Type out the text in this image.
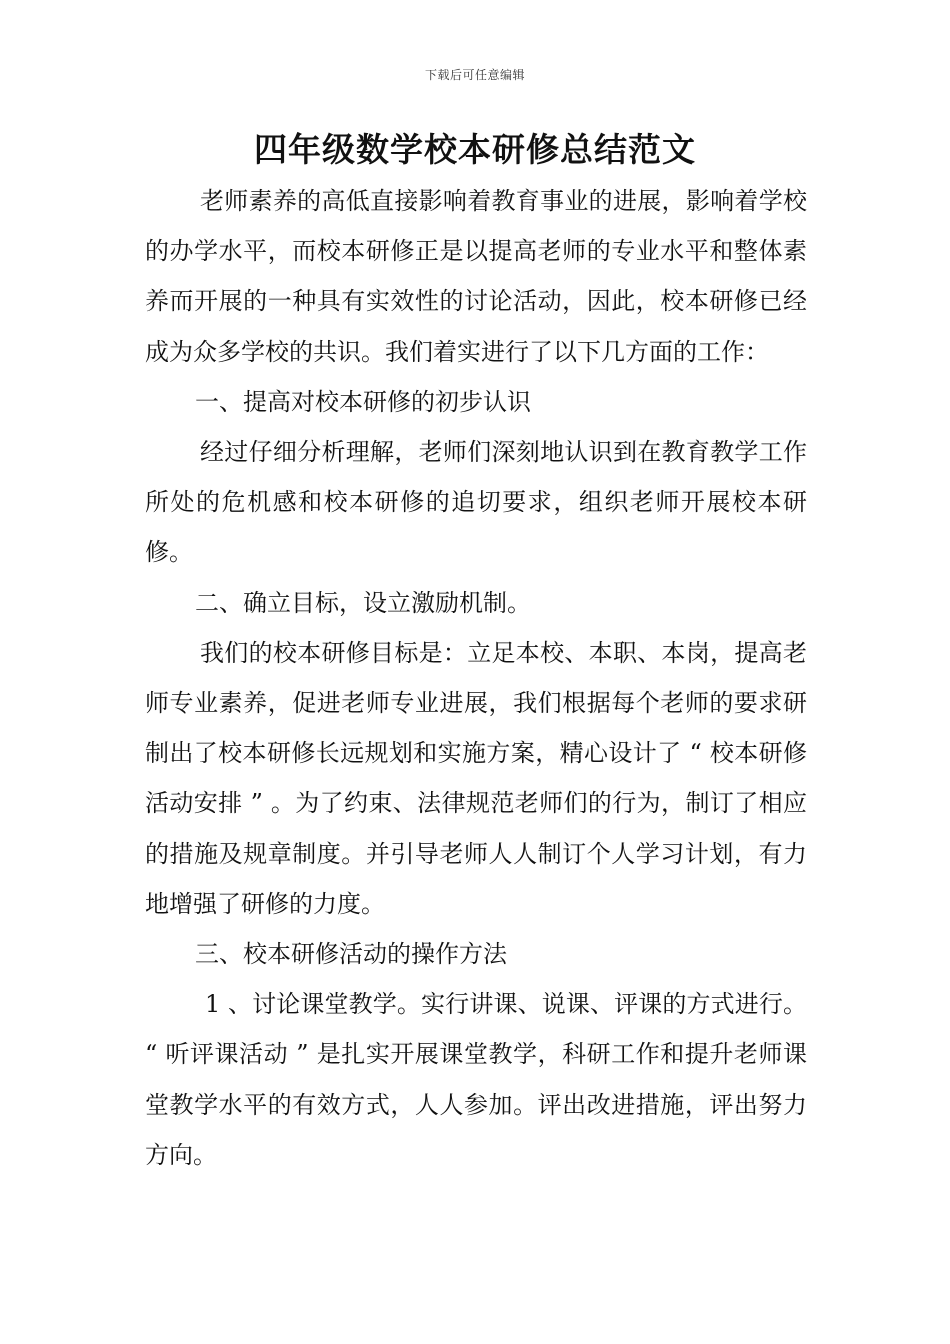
下载后可任意编辑
四年级数学校本研修总结范文

老师素养的高低直接影响着教育事业的进展，影响着学校的办学水平，而校本研修正是以提高老师的专业水平和整体素养而开展的一种具有实效性的讨论活动，因此，校本研修已经成为众多学校的共识。我们着实进行了以下几方面的工作：

一、提高对校本研修的初步认识

经过仔细分析理解，老师们深刻地认识到在教育教学工作所处的危机感和校本研修的追切要求，组织老师开展校本研修。

二、确立目标，设立激励机制。

我们的校本研修目标是：立足本校、本职、本岗，提高老师专业素养，促进老师专业进展，我们根据每个老师的要求研制出了校本研修长远规划和实施方案，精心设计了 “ 校本研修活动安排 ” 。为了约束、法律规范老师们的行为，制订了相应的措施及规章制度。并引导老师人人制订个人学习计划，有力地增强了研修的力度。

三、校本研修活动的操作方法

1 、讨论课堂教学。实行讲课、说课、评课的方式进行。 “ 听评课活动 ” 是扎实开展课堂教学，科研工作和提升老师课堂教学水平的有效方式，人人参加。评出改进措施，评出努力方向。
